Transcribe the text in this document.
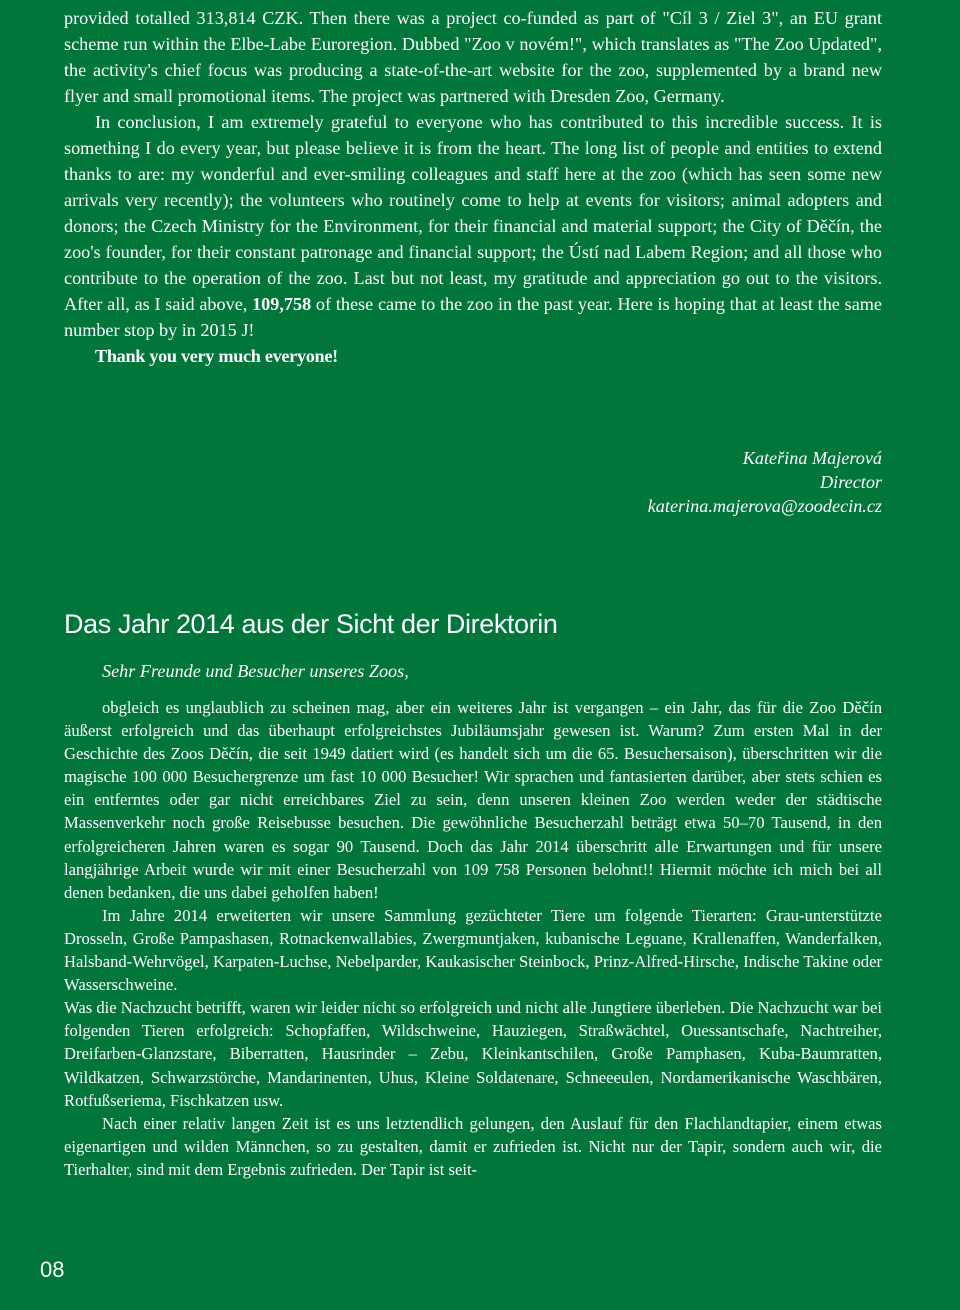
provided totalled 313,814 CZK. Then there was a project co-funded as part of "Cíl 3 / Ziel 3", an EU grant scheme run within the Elbe-Labe Euroregion. Dubbed "Zoo v novém!", which translates as "The Zoo Updated", the activity's chief focus was producing a state-of-the-art website for the zoo, supplemented by a brand new flyer and small promotional items. The project was partnered with Dresden Zoo, Germany.

In conclusion, I am extremely grateful to everyone who has contributed to this incredible success. It is something I do every year, but please believe it is from the heart. The long list of people and entities to extend thanks to are: my wonderful and ever-smiling colleagues and staff here at the zoo (which has seen some new arrivals very recently); the volunteers who routinely come to help at events for visitors; animal adopters and donors; the Czech Ministry for the Environment, for their financial and material support; the City of Děčín, the zoo's founder, for their constant patronage and financial support; the Ústí nad Labem Region; and all those who contribute to the operation of the zoo. Last but not least, my gratitude and appreciation go out to the visitors. After all, as I said above, 109,758 of these came to the zoo in the past year. Here is hoping that at least the same number stop by in 2015 J!

Thank you very much everyone!

Kateřina Majerová
Director
katerina.majerova@zoodecin.cz
Das Jahr 2014 aus der Sicht der Direktorin
Sehr Freunde und Besucher unseres Zoos,

obgleich es unglaublich zu scheinen mag, aber ein weiteres Jahr ist vergangen – ein Jahr, das für die Zoo Děčín äußerst erfolgreich und das überhaupt erfolgreichstes Jubiläumsjahr gewesen ist. Warum? Zum ersten Mal in der Geschichte des Zoos Děčín, die seit 1949 datiert wird (es handelt sich um die 65. Besuchersaison), überschritten wir die magische 100 000 Besuchergrenze um fast 10 000 Besucher! Wir sprachen und fantasierten darüber, aber stets schien es ein entferntes oder gar nicht erreichbares Ziel zu sein, denn unseren kleinen Zoo werden weder der städtische Massenverkehr noch große Reisebusse besuchen. Die gewöhnliche Besucherzahl beträgt etwa 50–70 Tausend, in den erfolgreicheren Jahren waren es sogar 90 Tausend. Doch das Jahr 2014 überschritt alle Erwartungen und für unsere langjährige Arbeit wurde wir mit einer Besucherzahl von 109 758 Personen belohnt!! Hiermit möchte ich mich bei all denen bedanken, die uns dabei geholfen haben!

Im Jahre 2014 erweiterten wir unsere Sammlung gezüchteter Tiere um folgende Tierarten: Grau-unterstützte Drosseln, Große Pampashasen, Rotnackenwallabies, Zwergmuntjaken, kubanische Leguane, Krallenaffen, Wanderfalken, Halsband-Wehrvögel, Karpaten-Luchse, Nebelparder, Kaukasischer Steinbock, Prinz-Alfred-Hirsche, Indische Takine oder Wasserschweine.

Was die Nachzucht betrifft, waren wir leider nicht so erfolgreich und nicht alle Jungtiere überleben. Die Nachzucht war bei folgenden Tieren erfolgreich: Schopfaffen, Wildschweine, Hauziegen, Straßwächtel, Ouessantschafe, Nachtreiher, Dreifarben-Glanzstare, Biberratten, Hausrinder – Zebu, Kleinkantschilen, Große Pamphasen, Kuba-Baumratten, Wildkatzen, Schwarzstörche, Mandarinenten, Uhus, Kleine Soldatenare, Schneeeulen, Nordamerikanische Waschbären, Rotfußseriema, Fischkatzen usw.

Nach einer relativ langen Zeit ist es uns letztendlich gelungen, den Auslauf für den Flachlandtapier, einem etwas eigenartigen und wilden Männchen, so zu gestalten, damit er zufrieden ist. Nicht nur der Tapir, sondern auch wir, die Tierhalter, sind mit dem Ergebnis zufrieden. Der Tapir ist seit-

08
